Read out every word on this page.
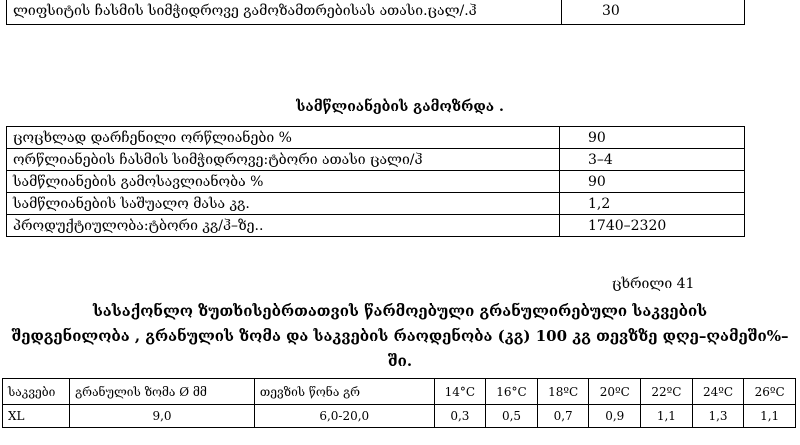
ლიფსიტის ჩასმის სიმჭიდროვე გამოზამთრებისას ათასი.ცალ/.ჰ	30
სამწლიანების გამოზრდა .
ცოცხლად დარჩენილი ორწლიანები %	90
ორწლიანების ჩასმის სიმჭიდროვე:ტბორი ათასი ცალი/ჰ	3–4
სამწლიანების გამოსავლიანობა %	90
სამწლიანების საშუალო მასა კგ.	1,2
პროდუქტიულობა:ტბორი კგ/ჰ–ზე..	1740–2320
ცხრილი 41
სასაქონლო ზუთხისებრთათვის წარმოებული გრანულირებული საკვების
შედგენილობა , გრანულის ზომა და საკვების რაოდენობა (კგ) 100 კგ თევზზე დღე–ღამეში%–ში.
საკვები	გრანულის ზომა Ø მმ	თევზის წონა გრ	14°C	16°C	18ºC	20ºC	22ºC	24ºC	26ºC
XL	9,0	6,0-20,0	0,3	0,5	0,7	0,9	1,1	1,3	1,1
